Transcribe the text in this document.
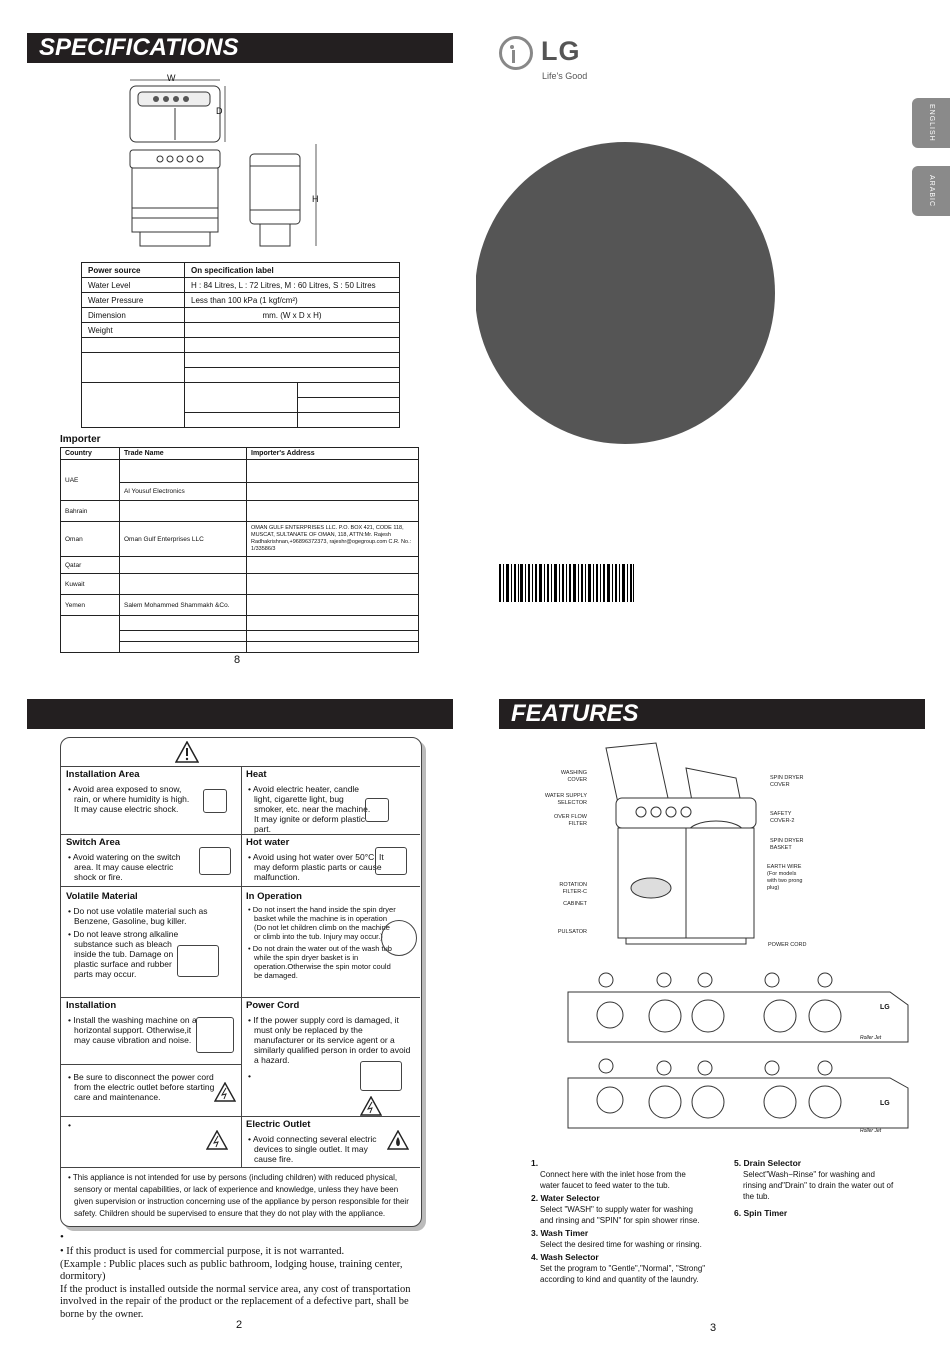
SPECIFICATIONS
W
D
H
Power source	On specification label	
Water Level	H : 84 Litres, L : 72 Litres, M : 60 Litres, S : 50 Litres	
Water Pressure	Less than 100 kPa (1 kgf/cm²)	
Dimension	mm. (W x D x H)	
Weight		

Importer
Country	Trade Name	Importer's Address
UAE		
	Al Yousuf Electronics	
Bahrain		
Oman	Oman Gulf Enterprises LLC	OMAN GULF ENTERPRISES LLC. P.O. BOX 421, CODE 118, MUSCAT, SULTANATE OF OMAN, 118, ATTN:Mr. Rajesh Radhakrishnan,+96896372373, rajeshr@ogegroup.com C.R. No.: 1/33586/3
Qatar		
Kuwait		
Yemen	Salem Mohammed Shammakh &Co.	

8
LG
Life's Good
ENGLISH
ARABIC
Installation Area

• Avoid area exposed to snow, rain, or where humidity is high. It may cause electric shock.

Heat

• Avoid electric heater, candle light, cigarette light, bug smoker, etc. near the machine. It may ignite or deform plastic part.

Switch Area

• Avoid watering on the switch area. It may cause electric shock or fire.

Hot water

• Avoid using hot water over 50°C. It may deform plastic parts or cause malfunction.

Volatile Material

• Do not use volatile material such as Benzene, Gasoline, bug killer.

• Do not leave strong alkaline substance such as bleach inside the tub. Damage on plastic surface and rubber parts may occur.

In Operation

• Do not insert the hand inside the spin dryer basket while the machine is in operation (Do not let children climb on the machine or climb into the tub. Injury may occur.)

• Do not drain the water out of the wash tub while the spin dryer basket is in operation.Otherwise the spin motor could be damaged.

Installation

• Install the washing machine on a horizontal support. Otherwise,it may cause vibration and noise.

Power Cord

• If the power supply cord is damaged, it must only be replaced by the manufacturer or its service agent or a similarly qualified person in order to avoid a hazard.

•

• Be sure to disconnect the power cord from the electric outlet before starting care and maintenance.

•	Electric Outlet

• Avoid connecting several electric devices to single outlet. It may cause fire.

• This appliance is not intended for use by persons (including children) with reduced physical, sensory or mental capabilities, or lack of experience and knowledge, unless they have been given supervision or instruction concerning use of the appliance by person responsible for their safety. Children should be supervised to ensure that they do not play with the appliance.

•
• If this product is used for commercial purpose, it is not warranted.
(Example : Public places such as public bathroom, lodging house, training center, dormitory)
If the product is installed outside the normal service area, any cost of transportation involved in the repair of the product or the replacement of a defective part, shall be borne by the owner.
2
FEATURES
WASHING COVER
WATER SUPPLY SELECTOR
OVER FLOW FILTER
ROTATION FILTER-C
CABINET
PULSATOR
SPIN DRYER COVER
SAFETY COVER-2
SPIN DRYER BASKET
EARTH WIRE (For models with two prong plug)
POWER CORD
LG
Roller Jet
LG
Roller Jet
1.
Connect here with the inlet hose from the water faucet to feed water to the tub.
2. Water Selector
Select "WASH" to supply water for washing and rinsing and "SPIN" for spin shower rinse.
3. Wash Timer
Select the desired time for washing or rinsing.
4. Wash Selector
Set the program to "Gentle","Normal", "Strong" according to kind and quantity of the laundry.
5. Drain Selector
Select"Wash−Rinse" for washing and rinsing and"Drain" to drain the water out of the tub.
6. Spin Timer
3
